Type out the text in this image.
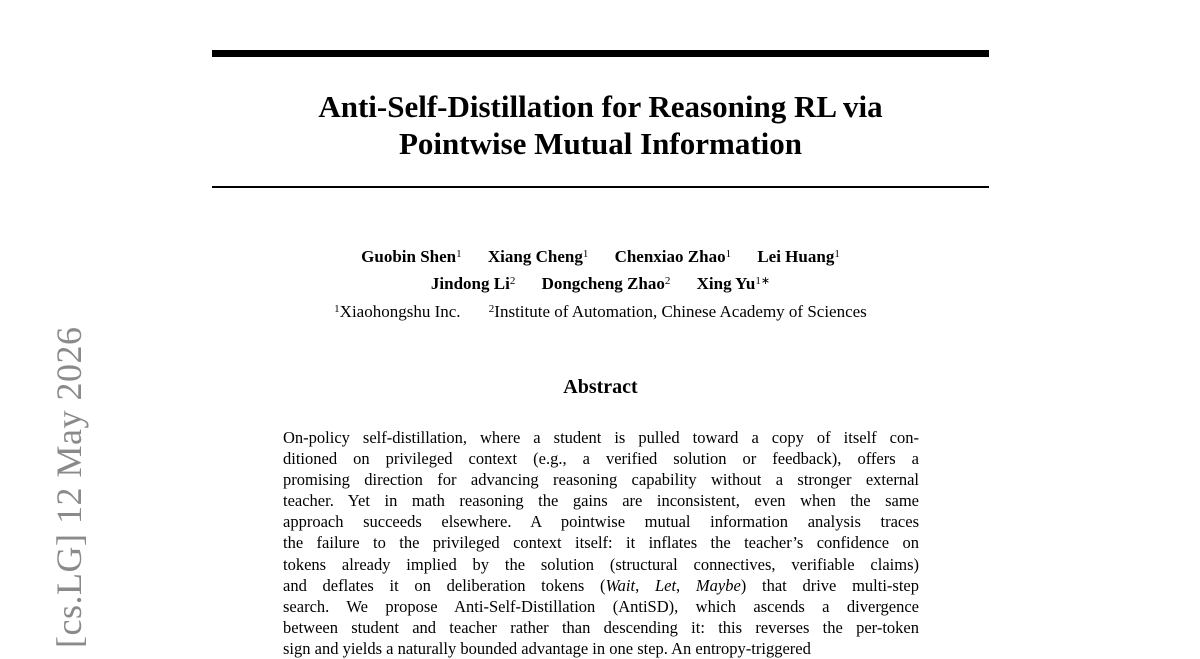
Anti-Self-Distillation for Reasoning RL via
Pointwise Mutual Information
Guobin Shen$^1$ Xiang Cheng$^1$ Chenxiao Zhao$^1$ Lei Huang$^1$
Jindong Li$^2$ Dongcheng Zhao$^2$ Xing $Yu^{1∗}$
$^1$Xiaohongshu Inc.	$^2$Institute of Automation, Chinese Academy of Sciences
Abstract
On-policy self-distillation, where a student is pulled toward a copy of itself con-
ditioned on privileged context (e.g., a verified solution or feedback), offers a
promising direction for advancing reasoning capability without a stronger external
teacher. Yet in math reasoning the gains are inconsistent, even when the same
approach succeeds elsewhere. A pointwise mutual information analysis traces
the failure to the privileged context itself: it inflates the teacher’s confidence on
tokens already implied by the solution (structural connectives, verifiable claims)
and deflates it on deliberation tokens (Wait, Let, Maybe) that drive multi-step
search. We propose Anti-Self-Distillation (AntiSD), which ascends a divergence
between student and teacher rather than descending it: this reverses the per-token
sign and yields a naturally bounded advantage in one step. An entropy-triggered
[cs.LG] 12 May 2026
